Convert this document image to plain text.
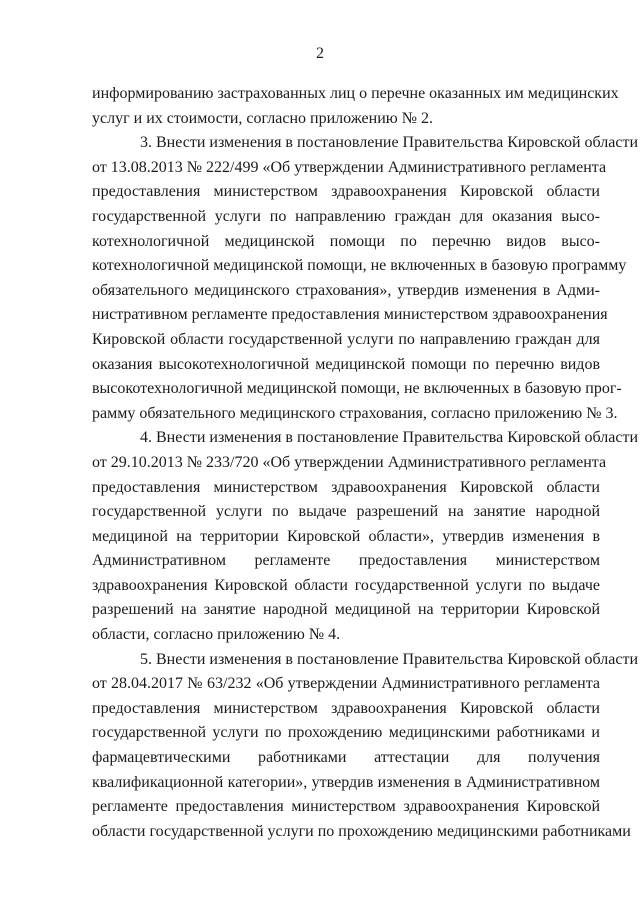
2
информированию застрахованных лиц о перечне оказанных им медицинских
услуг и их стоимости, согласно приложению № 2.
3. Внести изменения в постановление Правительства Кировской области
от 13.08.2013 № 222/499 «Об утверждении Административного регламента
предоставления министерством здравоохранения Кировской области
государственной услуги по направлению граждан для оказания высо-
котехнологичной медицинской помощи по перечню видов высо-
котехнологичной медицинской помощи, не включенных в базовую программу
обязательного медицинского страхования», утвердив изменения в Адми-
нистративном регламенте предоставления министерством здравоохранения
Кировской области государственной услуги по направлению граждан для
оказания высокотехнологичной медицинской помощи по перечню видов
высокотехнологичной медицинской помощи, не включенных в базовую прог-
рамму обязательного медицинского страхования, согласно приложению № 3.
4. Внести изменения в постановление Правительства Кировской области
от 29.10.2013 № 233/720 «Об утверждении Административного регламента
предоставления министерством здравоохранения Кировской области
государственной услуги по выдаче разрешений на занятие народной
медициной на территории Кировской области», утвердив изменения в
Административном регламенте предоставления министерством
здравоохранения Кировской области государственной услуги по выдаче
разрешений на занятие народной медициной на территории Кировской
области, согласно приложению № 4.
5. Внести изменения в постановление Правительства Кировской области
от 28.04.2017 № 63/232 «Об утверждении Административного регламента
предоставления министерством здравоохранения Кировской области
государственной услуги по прохождению медицинскими работниками и
фармацевтическими работниками аттестации для получения
квалификационной категории», утвердив изменения в Административном
регламенте предоставления министерством здравоохранения Кировской
области государственной услуги по прохождению медицинскими работниками
